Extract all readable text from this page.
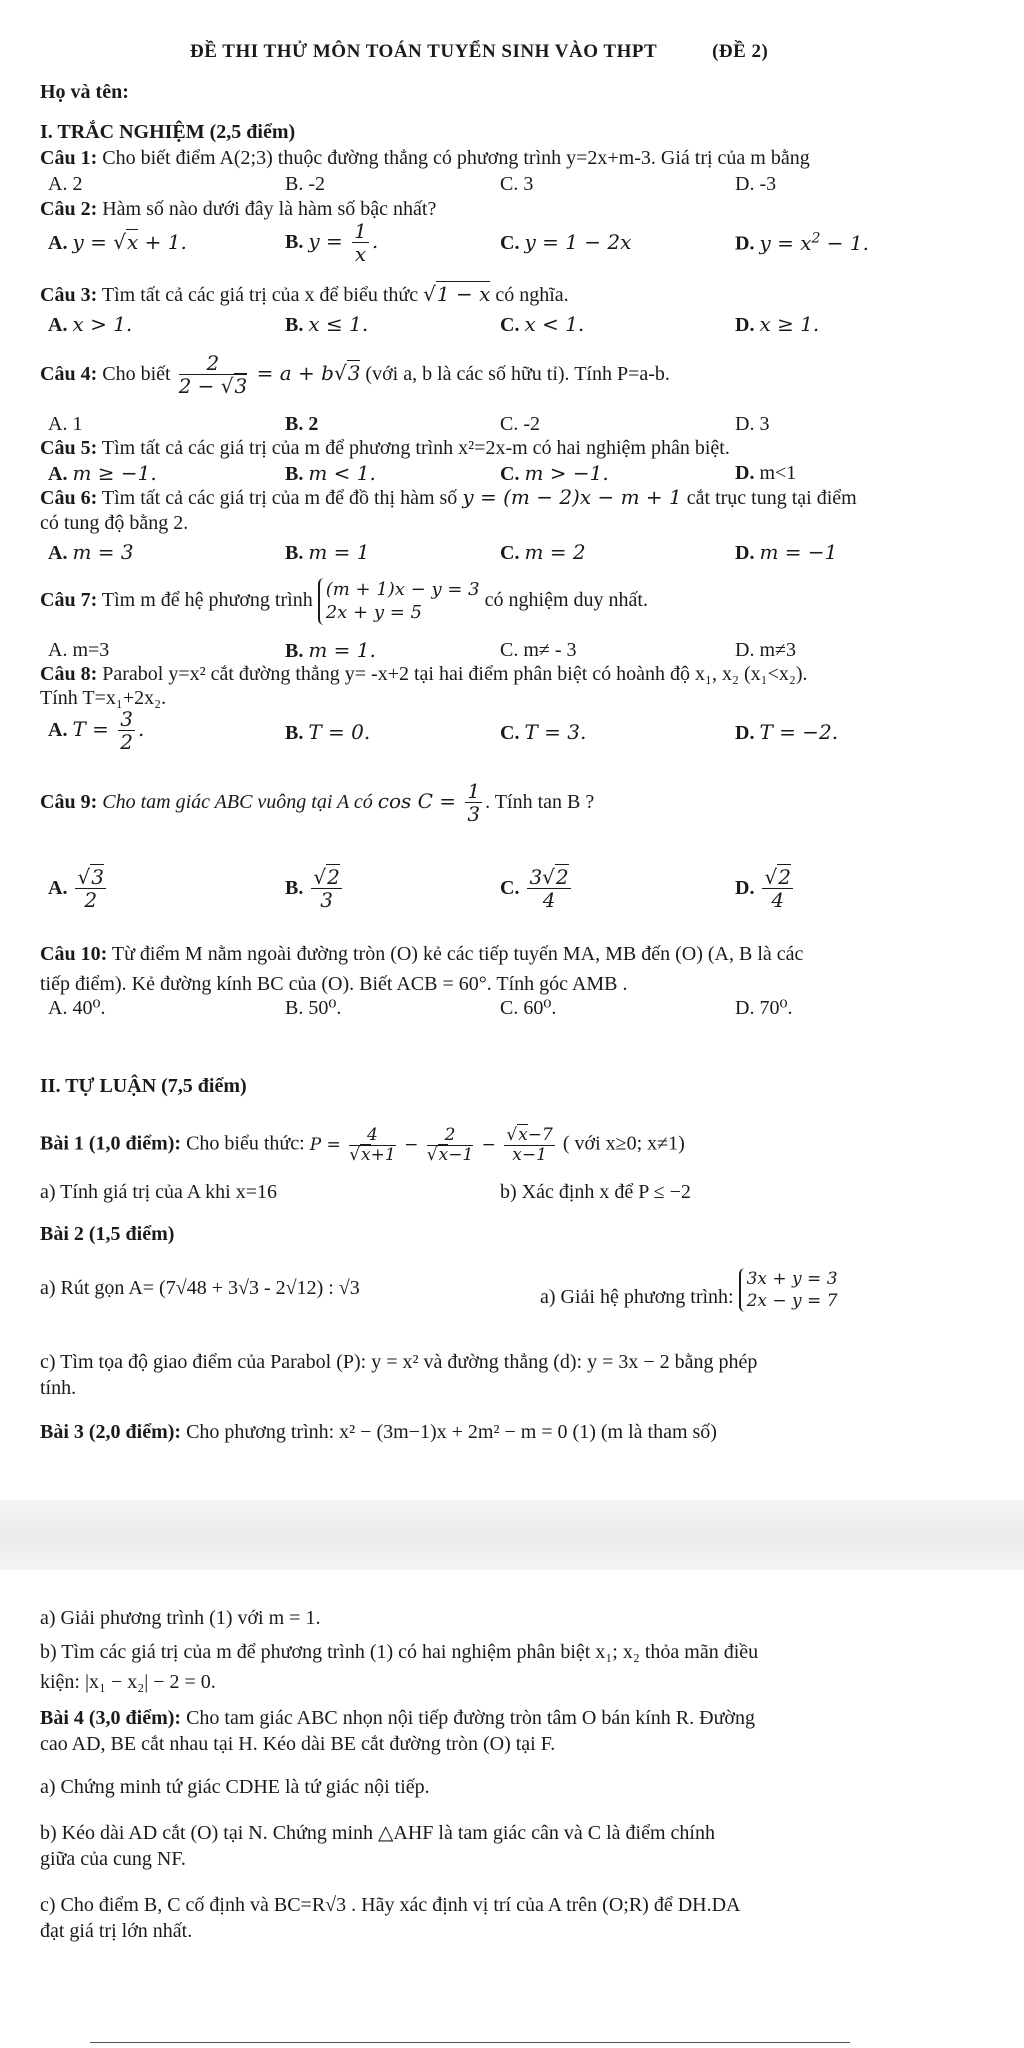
ĐỀ THI THỬ MÔN TOÁN TUYỂN SINH VÀO THPT	(ĐỀ 2)
Họ và tên:
I. TRẮC NGHIỆM (2,5 điểm)
Câu 1: Cho biết điểm A(2;3) thuộc đường thẳng có phương trình y=2x+m-3. Giá trị của m bằng
A. 2	B. -2	C. 3	D. -3
Câu 2: Hàm số nào dưới đây là hàm số bậc nhất?
A. y = √x + 1.	B. $y = \frac{1}{x}$ .	C. y = 1 − 2x	D. $y = x^2 - 1$.
Câu 3: Tìm tất cả các giá trị của x để biểu thức √1 − x có nghĩa.
A. x > 1.	B. x ≤ 1.	C. x < 1.	D. x ≥ 1.
Câu 4: Cho biết $\frac{2}{2 - √3} = a + b√3$ (với a, b là các số hữu tỉ). Tính P=a-b.
A. 1	B. 2	C. -2	D. 3
Câu 5: Tìm tất cả các giá trị của m để phương trình x²=2x-m có hai nghiệm phân biệt.
A. m ≥ −1.	B. m < 1.	C. m > −1.	D. m<1
Câu 6: Tìm tất cả các giá trị của m để đồ thị hàm số y = (m − 2)x − m + 1 cắt trục tung tại điểm
có tung độ bằng 2.
A. m = 3	B. m = 1	C. m = 2	D. m = −1
Câu 7: Tìm m để hệ phương trình (m + 1)x − y = 3
2x + y = 5 có nghiệm duy nhất.
A. m=3	B. m = 1.	C. m≠ - 3	D. m≠3
Câu 8: Parabol y=x² cắt đường thẳng y= -x+2 tại hai điểm phân biệt có hoành độ x₁, x₂ (x₁<x₂).
Tính T=x₁+2x₂.
A. $T = \frac{3}{2}$ .	B. T = 0.	C. T = 3.	D. T = −2.
Câu 9: Cho tam giác ABC vuông tại A có $\cos C = \frac{1}{3}$ . Tính tan B ?
A. $\frac{√3}{2}$	B. $\frac{√2}{3}$	C. $\frac{3√2}{4}$	D. $\frac{√2}{4}$
Câu 10: Từ điểm M nằm ngoài đường tròn (O) kẻ các tiếp tuyến MA, MB đến (O) (A, B là các
tiếp điểm). Kẻ đường kính BC của (O). Biết ACB = 60°. Tính góc AMB .
A. 40⁰.	B. 50⁰.	C. 60⁰.	D. 70⁰.
II. TỰ LUẬN (7,5 điểm)
Bài 1 (1,0 điểm): Cho biểu thức: $P = \frac{4}{√x+1} - \frac{2}{√x-1} - \frac{√x-7}{x-1}$ ( với x≥0; x≠1)
a) Tính giá trị của A khi x=16	b) Xác định x để P ≤ −2
Bài 2 (1,5 điểm)
a) Rút gọn A= (7√48 + 3√3 - 2√12) : √3	a) Giải hệ phương trình: 3x + y = 3
2x − y = 7
c) Tìm tọa độ giao điểm của Parabol (P): y = x² và đường thẳng (d): y = 3x − 2 bằng phép
tính.
Bài 3 (2,0 điểm): Cho phương trình: x² − (3m−1)x + 2m² − m = 0 (1) (m là tham số)
a) Giải phương trình (1) với m = 1.
b) Tìm các giá trị của m để phương trình (1) có hai nghiệm phân biệt x₁; x₂ thỏa mãn điều
kiện: |x₁ − x₂| − 2 = 0.
Bài 4 (3,0 điểm): Cho tam giác ABC nhọn nội tiếp đường tròn tâm O bán kính R. Đường
cao AD, BE cắt nhau tại H. Kéo dài BE cắt đường tròn (O) tại F.
a) Chứng minh tứ giác CDHE là tứ giác nội tiếp.
b) Kéo dài AD cắt (O) tại N. Chứng minh △AHF là tam giác cân và C là điểm chính
giữa của cung NF.
c) Cho điểm B, C cố định và BC=R√3 . Hãy xác định vị trí của A trên (O;R) để DH.DA
đạt giá trị lớn nhất.
